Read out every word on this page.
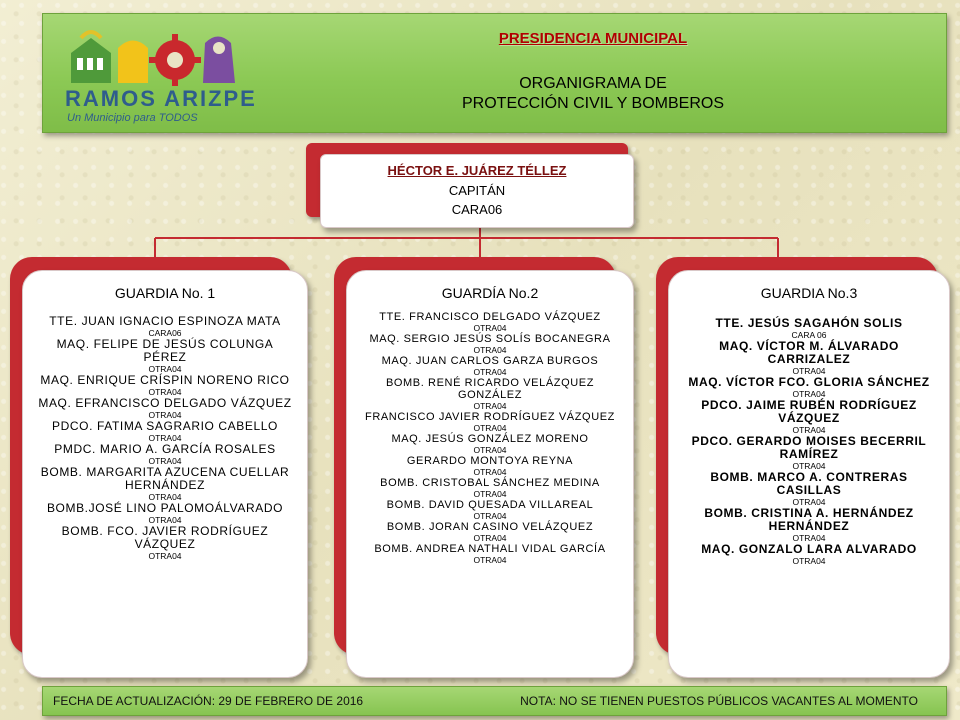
RAMOS ARIZPE
Un Municipio para TODOS
PRESIDENCIA MUNICIPAL
ORGANIGRAMA DE
PROTECCIÓN CIVIL Y BOMBEROS
HÉCTOR E. JUÁREZ TÉLLEZ
CAPITÁN
CARA06
GUARDIA No. 1
TTE. JUAN IGNACIO ESPINOZA MATA
CARA06
MAQ. FELIPE DE JESÚS COLUNGA PÉREZ
OTRA04
MAQ. ENRIQUE CRÍSPIN NORENO RICO
OTRA04
MAQ. EFRANCISCO DELGADO VÁZQUEZ
OTRA04
PDCO. FATIMA SAGRARIO CABELLO
OTRA04
PMDC. MARIO A. GARCÍA ROSALES
OTRA04
BOMB. MARGARITA AZUCENA CUELLAR HERNÁNDEZ
OTRA04
BOMB.JOSÉ LINO PALOMOÁLVARADO
OTRA04
BOMB. FCO. JAVIER RODRÍGUEZ VÁZQUEZ
OTRA04
GUARDÍA No.2
TTE. FRANCISCO DELGADO VÁZQUEZ
OTRA04
MAQ. SERGIO JESÚS SOLÍS BOCANEGRA
OTRA04
MAQ. JUAN CARLOS GARZA BURGOS
OTRA04
BOMB. RENÉ RICARDO VELÁZQUEZ GONZÁLEZ
OTRA04
FRANCISCO JAVIER RODRÍGUEZ VÁZQUEZ
OTRA04
MAQ. JESÚS GONZÁLEZ MORENO
OTRA04
GERARDO MONTOYA REYNA
OTRA04
BOMB. CRISTOBAL SÁNCHEZ MEDINA
OTRA04
BOMB. DAVID QUESADA VILLAREAL
OTRA04
BOMB. JORAN CASINO VELÁZQUEZ
OTRA04
BOMB. ANDREA NATHALI VIDAL GARCÍA
OTRA04
GUARDIA No.3
TTE. JESÚS SAGAHÓN SOLIS
CARA 06
MAQ. VÍCTOR M. ÁLVARADO CARRIZALEZ
OTRA04
MAQ. VÍCTOR FCO. GLORIA SÁNCHEZ
OTRA04
PDCO. JAIME RUBÉN RODRÍGUEZ VÁZQUEZ
OTRA04
PDCO. GERARDO MOISES BECERRIL RAMÍREZ
OTRA04
BOMB. MARCO A. CONTRERAS CASILLAS
OTRA04
BOMB. CRISTINA A. HERNÁNDEZ HERNÁNDEZ
OTRA04
MAQ. GONZALO LARA ALVARADO
OTRA04
FECHA DE ACTUALIZACIÓN: 29 DE FEBRERO DE 2016	NOTA: NO SE TIENEN PUESTOS PÚBLICOS VACANTES AL MOMENTO
